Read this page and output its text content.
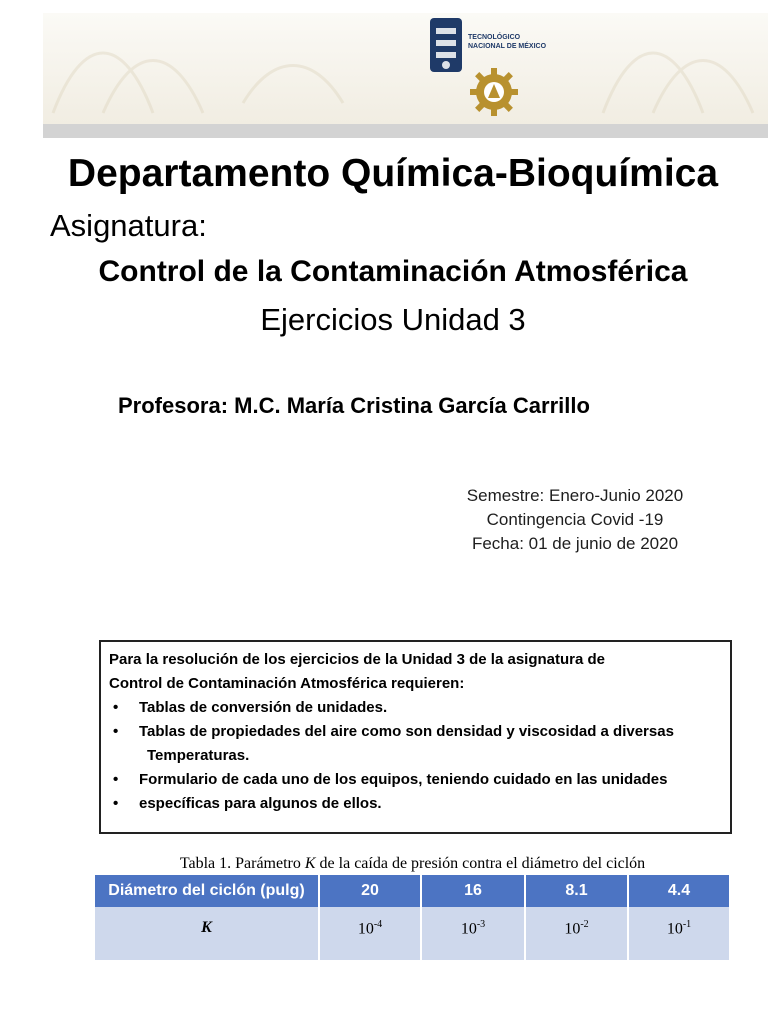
TECNOLÓGICO
NACIONAL DE MÉXICO
Departamento Química-Bioquímica
Asignatura:
Control de la Contaminación Atmosférica
Ejercicios Unidad 3
Profesora: M.C. María Cristina García Carrillo
Semestre: Enero-Junio 2020
Contingencia Covid -19
Fecha: 01 de junio de 2020
Para la resolución de los ejercicios de la Unidad 3 de la asignatura de
Control de Contaminación Atmosférica requieren:
• Tablas de conversión de unidades.
• Tablas de propiedades del aire como son densidad y viscosidad a diversas
Temperaturas.
• Formulario de cada uno de los equipos, teniendo cuidado en las unidades
• específicas para algunos de ellos.
Tabla 1. Parámetro K de la caída de presión contra el diámetro del ciclón
Diámetro del ciclón (pulg)	20	16	8.1	4.4
K	$10^{-4}$	$10^{-3}$	$10^{-2}$	$10^{-1}$
